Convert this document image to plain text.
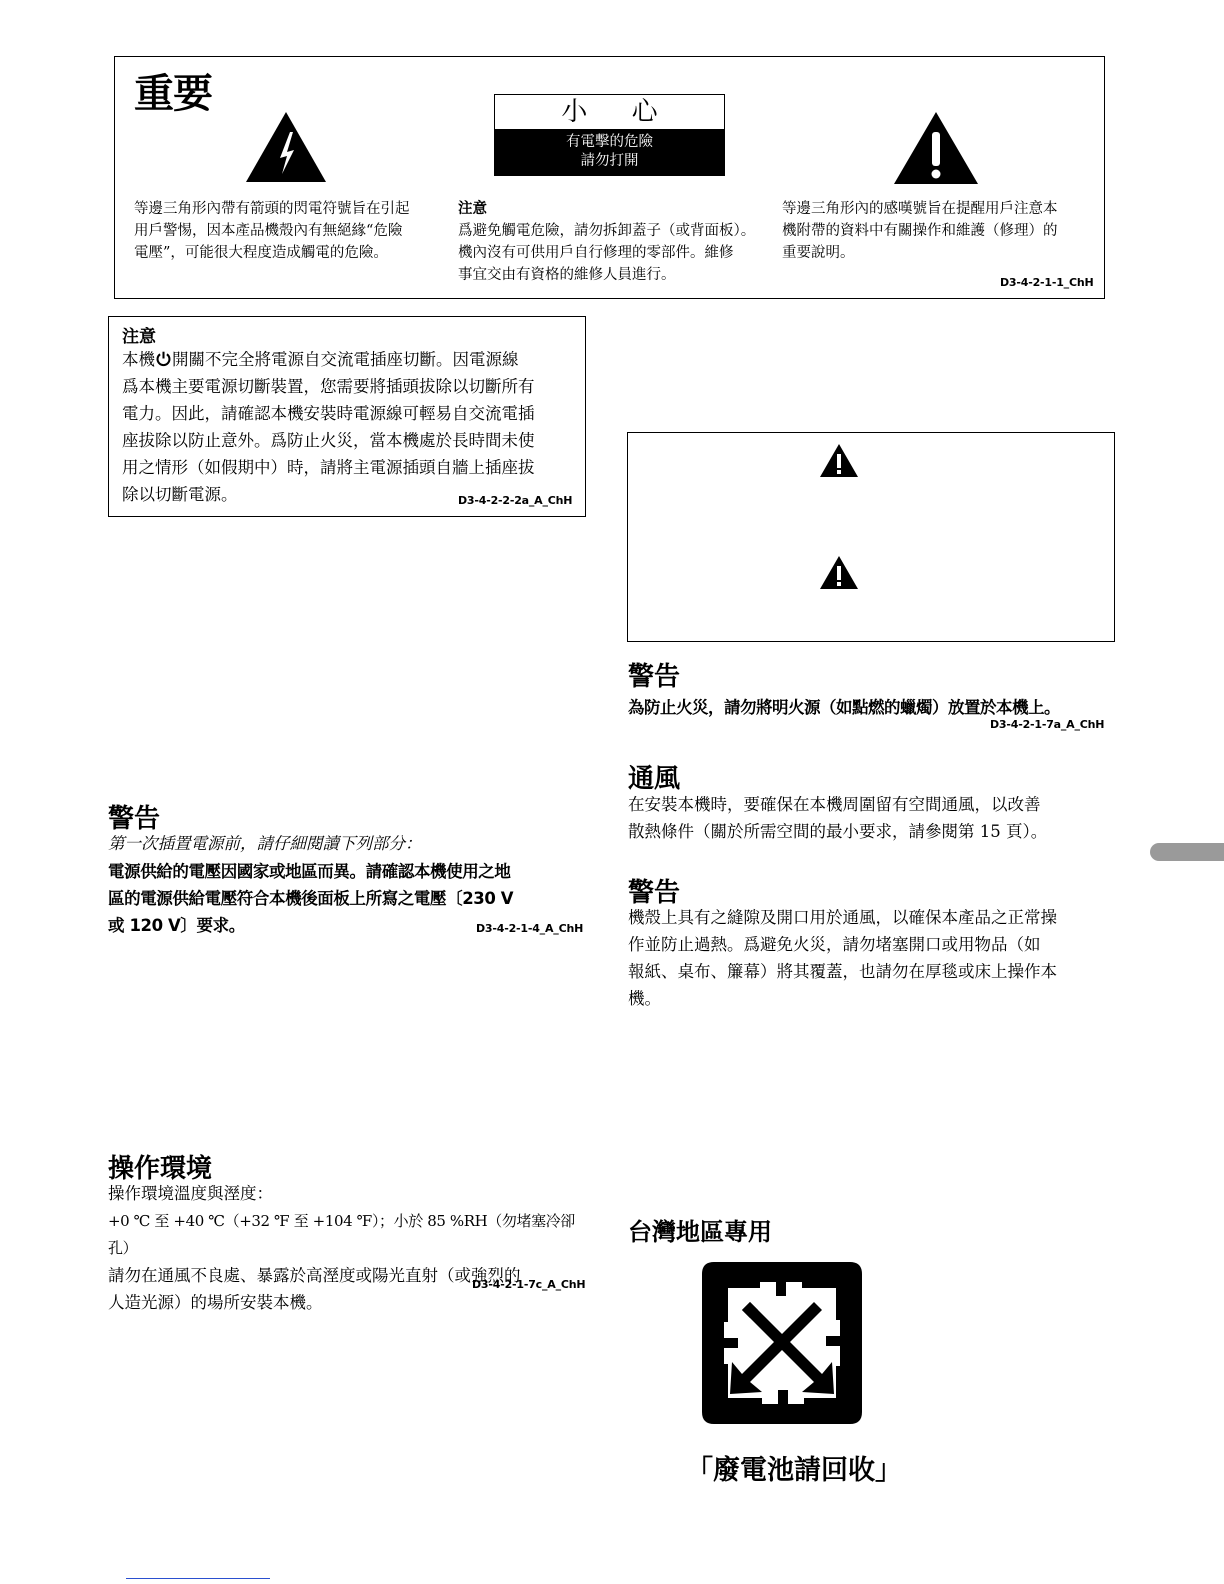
重要	小 心
有電擊的危險
請勿打開
等邊三角形內帶有箭頭的閃電符號旨在引起
用戶警惕，因本產品機殼內有無絕緣“危險
電壓”，可能很大程度造成觸電的危險。
注意
爲避免觸電危險，請勿拆卸蓋子（或背面板）。
機內沒有可供用戶自行修理的零部件。維修
事宜交由有資格的維修人員進行。
等邊三角形內的感嘆號旨在提醒用戶注意本
機附帶的資料中有關操作和維護（修理）的
重要說明。
D3-4-2-1-1_ChH
注意
本機 開關不完全將電源自交流電插座切斷。因電源線
爲本機主要電源切斷裝置，您需要將插頭拔除以切斷所有
電力。因此，請確認本機安裝時電源線可輕易自交流電插
座拔除以防止意外。爲防止火災，當本機處於長時間未使
用之情形（如假期中）時，請將主電源插頭自牆上插座拔
除以切斷電源。	D3-4-2-2-2a_A_ChH
警告
為防止火災，請勿將明火源（如點燃的蠟燭）放置於本機上。
D3-4-2-1-7a_A_ChH
通風
在安裝本機時，要確保在本機周圍留有空間通風，以改善
散熱條件（關於所需空間的最小要求，請參閱第 15 頁）。
警告
機殼上具有之縫隙及開口用於通風，以確保本產品之正常操
作並防止過熱。爲避免火災，請勿堵塞開口或用物品（如
報紙、桌布、簾幕）將其覆蓋，也請勿在厚毯或床上操作本
機。
警告
第一次插置電源前，請仔細閱讀下列部分：
電源供給的電壓因國家或地區而異。請確認本機使用之地
區的電源供給電壓符合本機後面板上所寫之電壓〔230 V
或 120 V〕要求。	D3-4-2-1-4_A_ChH
操作環境
操作環境溫度與溼度：
+0 ℃ 至 +40 ℃（+32 ℉ 至 +104 ℉）；小於 85 %RH（勿堵塞冷卻孔）
請勿在通風不良處、暴露於高溼度或陽光直射（或強烈的
人造光源）的場所安裝本機。
D3-4-2-1-7c_A_ChH
台灣地區專用
「廢電池請回收」
